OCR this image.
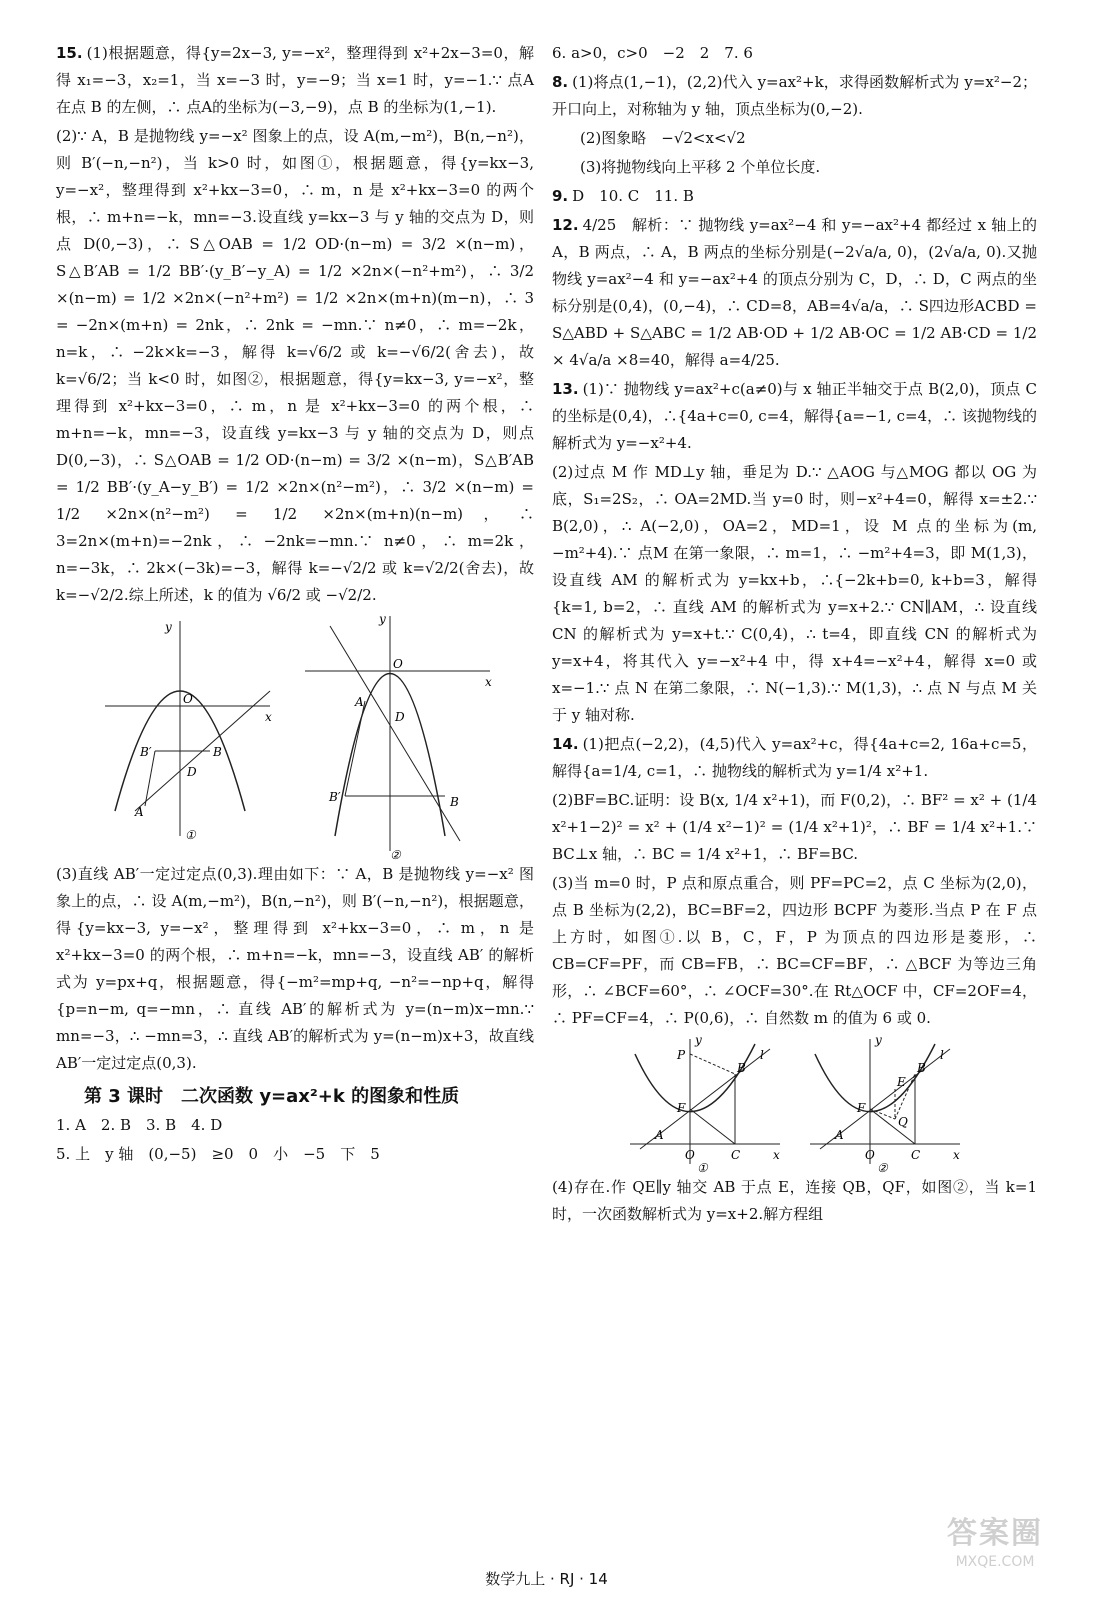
15. (1)根据题意，得{y=2x−3, y=−x²，整理得到 x²+2x−3=0，解得 x₁=−3，x₂=1，当 x=−3 时，y=−9；当 x=1 时，y=−1.∵ 点A 在点 B 的左侧，∴ 点A的坐标为(−3,−9)，点 B 的坐标为(1,−1).

(2)∵ A，B 是抛物线 y=−x² 图象上的点，设 A(m,−m²)，B(n,−n²)，则 B′(−n,−n²)，当 k>0 时，如图①，根据题意，得{y=kx−3, y=−x²，整理得到 x²+kx−3=0，∴ m，n 是 x²+kx−3=0 的两个根，∴ m+n=−k，mn=−3.设直线 y=kx−3 与 y 轴的交点为 D，则点 D(0,−3)，∴ S△OAB = 1/2 OD·(n−m) = 3/2 ×(n−m)，S△B′AB = 1/2 BB′·(y_B′−y_A) = 1/2 ×2n×(−n²+m²)，∴ 3/2 ×(n−m) = 1/2 ×2n×(−n²+m²) = 1/2 ×2n×(m+n)(m−n)，∴ 3 = −2n×(m+n) = 2nk，∴ 2nk = −mn.∵ n≠0，∴ m=−2k，n=k，∴ −2k×k=−3，解得 k=√6/2 或 k=−√6/2(舍去)，故 k=√6/2；当 k<0 时，如图②，根据题意，得{y=kx−3, y=−x²，整理得到 x²+kx−3=0，∴ m，n 是 x²+kx−3=0 的两个根，∴ m+n=−k，mn=−3，设直线 y=kx−3 与 y 轴的交点为 D，则点 D(0,−3)，∴ S△OAB = 1/2 OD·(n−m) = 3/2 ×(n−m)，S△B′AB = 1/2 BB′·(y_A−y_B′) = 1/2 ×2n×(n²−m²)，∴ 3/2 ×(n−m) = 1/2 ×2n×(n²−m²) = 1/2 ×2n×(m+n)(n−m)，∴ 3=2n×(m+n)=−2nk，∴ −2nk=−mn.∵ n≠0，∴ m=2k，n=−3k，∴ 2k×(−3k)=−3，解得 k=−√2/2 或 k=√2/2(舍去)，故 k=−√2/2.综上所述，k 的值为 √6/2 或 −√2/2.

y
x
O
B′	B
D
A
①
y
x
O
A
D
B′	B
②

(3)直线 AB′一定过定点(0,3).理由如下：∵ A，B 是抛物线 y=−x² 图象上的点，∴ 设 A(m,−m²)，B(n,−n²)，则 B′(−n,−n²)，根据题意，得{y=kx−3, y=−x²，整理得到 x²+kx−3=0，∴ m，n 是 x²+kx−3=0 的两个根，∴ m+n=−k，mn=−3，设直线 AB′ 的解析式为 y=px+q，根据题意，得{−m²=mp+q, −n²=−np+q，解得{p=n−m, q=−mn，∴ 直线 AB′的解析式为 y=(n−m)x−mn.∵ mn=−3，∴ −mn=3，∴ 直线 AB′的解析式为 y=(n−m)x+3，故直线 AB′一定过定点(0,3).

第 3 课时　二次函数 y=ax²+k 的图象和性质

1. A　2. B　3. B　4. D

5. 上　y 轴　(0,−5)　≥0　0　小　−5　下　5

6. a>0，c>0　−2　2　7. 6

8. (1)将点(1,−1)，(2,2)代入 y=ax²+k，求得函数解析式为 y=x²−2；开口向上，对称轴为 y 轴，顶点坐标为(0,−2).

(2)图象略　−√2<x<√2

(3)将抛物线向上平移 2 个单位长度.

9. D　10. C　11. B

12. 4/25　解析：∵ 抛物线 y=ax²−4 和 y=−ax²+4 都经过 x 轴上的 A，B 两点，∴ A，B 两点的坐标分别是(−2√a/a, 0)，(2√a/a, 0).又抛物线 y=ax²−4 和 y=−ax²+4 的顶点分别为 C，D，∴ D，C 两点的坐标分别是(0,4)，(0,−4)，∴ CD=8，AB=4√a/a，∴ S四边形ACBD = S△ABD + S△ABC = 1/2 AB·OD + 1/2 AB·OC = 1/2 AB·CD = 1/2 × 4√a/a ×8=40，解得 a=4/25.

13. (1)∵ 抛物线 y=ax²+c(a≠0)与 x 轴正半轴交于点 B(2,0)，顶点 C 的坐标是(0,4)，∴{4a+c=0, c=4，解得{a=−1, c=4，∴ 该抛物线的解析式为 y=−x²+4.

(2)过点 M 作 MD⊥y 轴，垂足为 D.∵ △AOG 与△MOG 都以 OG 为底，S₁=2S₂，∴ OA=2MD.当 y=0 时，则−x²+4=0，解得 x=±2.∵ B(2,0)，∴ A(−2,0)，OA=2，MD=1，设 M 点的坐标为(m,−m²+4).∵ 点M 在第一象限，∴ m=1，∴ −m²+4=3，即 M(1,3)，设直线 AM 的解析式为 y=kx+b，∴{−2k+b=0, k+b=3，解得{k=1, b=2，∴ 直线 AM 的解析式为 y=x+2.∵ CN∥AM，∴ 设直线 CN 的解析式为 y=x+t.∵ C(0,4)，∴ t=4，即直线 CN 的解析式为 y=x+4，将其代入 y=−x²+4 中，得 x+4=−x²+4，解得 x=0 或 x=−1.∵ 点 N 在第二象限，∴ N(−1,3).∵ M(1,3)，∴ 点 N 与点 M 关于 y 轴对称.

14. (1)把点(−2,2)，(4,5)代入 y=ax²+c，得{4a+c=2, 16a+c=5，解得{a=1/4, c=1，∴ 抛物线的解析式为 y=1/4 x²+1.

(2)BF=BC.证明：设 B(x, 1/4 x²+1)，而 F(0,2)，∴ BF² = x² + (1/4 x²+1−2)² = x² + (1/4 x²−1)² = (1/4 x²+1)²，∴ BF = 1/4 x²+1.∵ BC⊥x 轴，∴ BC = 1/4 x²+1，∴ BF=BC.

(3)当 m=0 时，P 点和原点重合，则 PF=PC=2，点 C 坐标为(2,0)，点 B 坐标为(2,2)，BC=BF=2，四边形 BCPF 为菱形.当点 P 在 F 点上方时，如图①.以 B，C，F，P 为顶点的四边形是菱形，∴ CB=CF=PF，而 CB=FB，∴ BC=CF=BF，∴ △BCF 为等边三角形，∴ ∠BCF=60°，∴ ∠OCF=30°.在 Rt△OCF 中，CF=2OF=4，∴ PF=CF=4，∴ P(0,6)，∴ 自然数 m 的值为 6 或 0.

P
B
l
F
A
O	C	x
y
①
E
B
l
F
Q
A
O	C	x
y
②

(4)存在.作 QE∥y 轴交 AB 于点 E，连接 QB，QF，如图②，当 k=1 时，一次函数解析式为 y=x+2.解方程组

数学九上 · RJ · 14
答案圈
MXQE.COM
